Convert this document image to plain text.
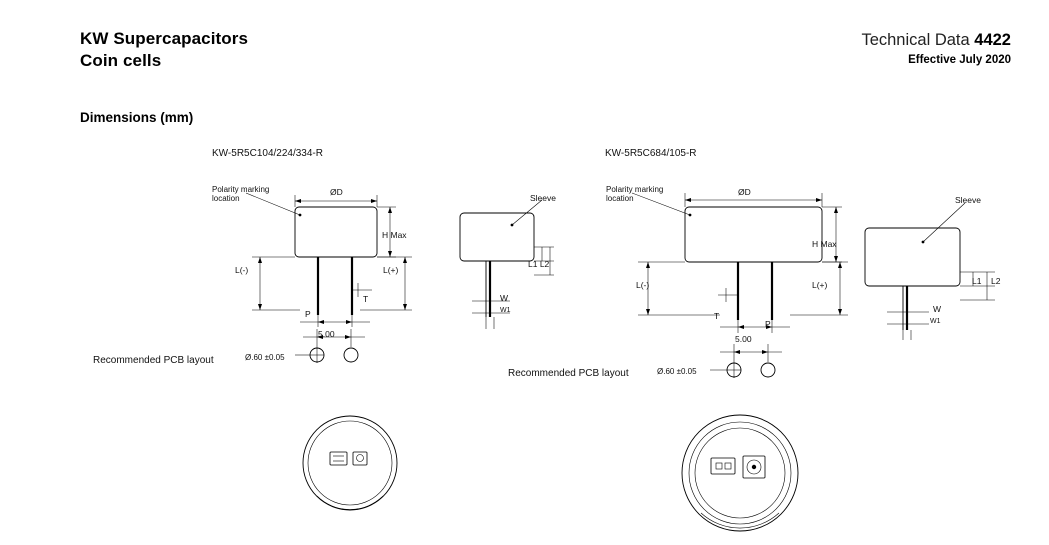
KW Supercapacitors
Coin cells
Technical Data 4422
Effective July 2020
Dimensions (mm)
KW-5R5C104/224/334-R
Polarity marking
location
ØD
H Max
L(-)	L(+)
P
T
5.00
Recommended PCB layout	Ø.60 ±0.05
Sleeve
L1 L2
W
W1
KW-5R5C684/105-R
Polarity marking
location
ØD
H Max
L(-)	L(+)
P
T
5.00
Recommended PCB layout	Ø.60 ±0.05
Sleeve
L1 L2
W
W1
